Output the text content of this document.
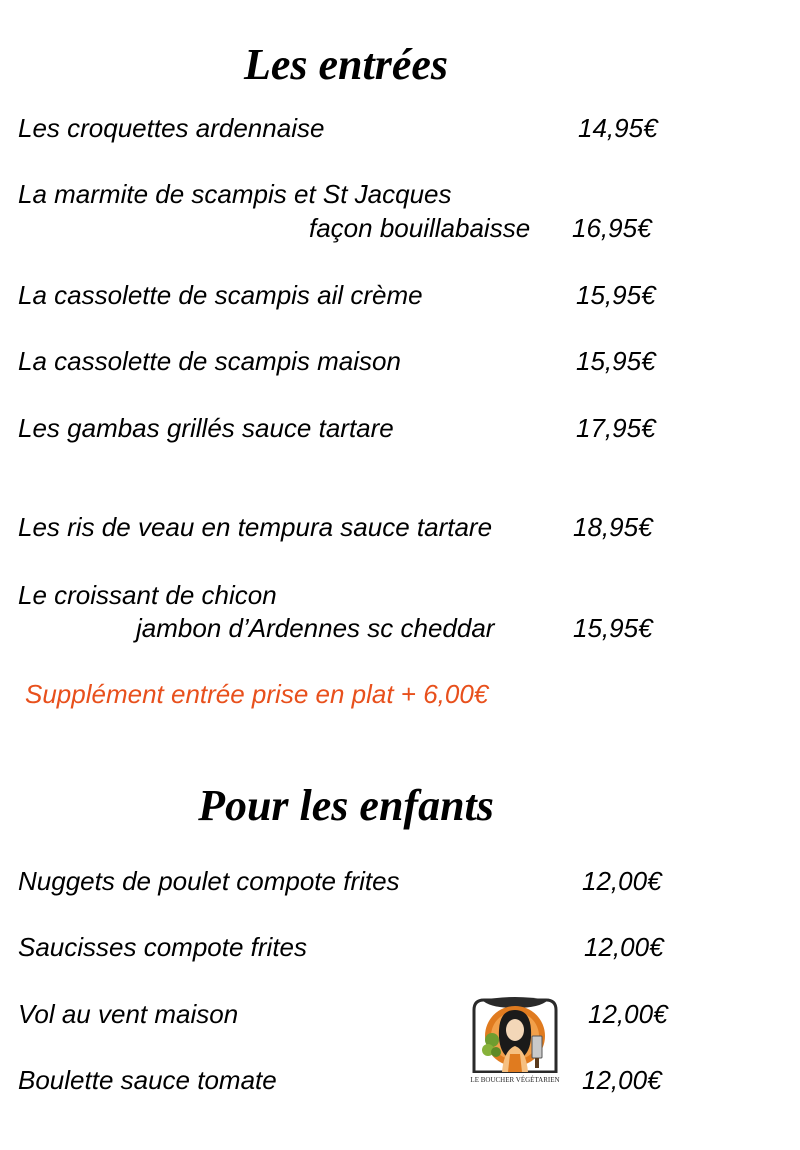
Les entrées
Les croquettes ardennaise	14,95€
La marmite de scampis et St Jacques
façon bouillabaisse 16,95€
La cassolette de scampis ail crème	15,95€
La cassolette de scampis maison	15,95€
Les gambas grillés sauce tartare	17,95€
Les ris de veau en tempura sauce tartare	18,95€
Le croissant de chicon
jambon d’Ardennes sc cheddar	15,95€
Supplément entrée prise en plat + 6,00€
Pour les enfants
Nuggets de poulet compote frites	12,00€
Saucisses compote frites	12,00€
Vol au vent maison	12,00€
Boulette sauce tomate	12,00€
LE BOUCHER VÉGÉTARIEN
